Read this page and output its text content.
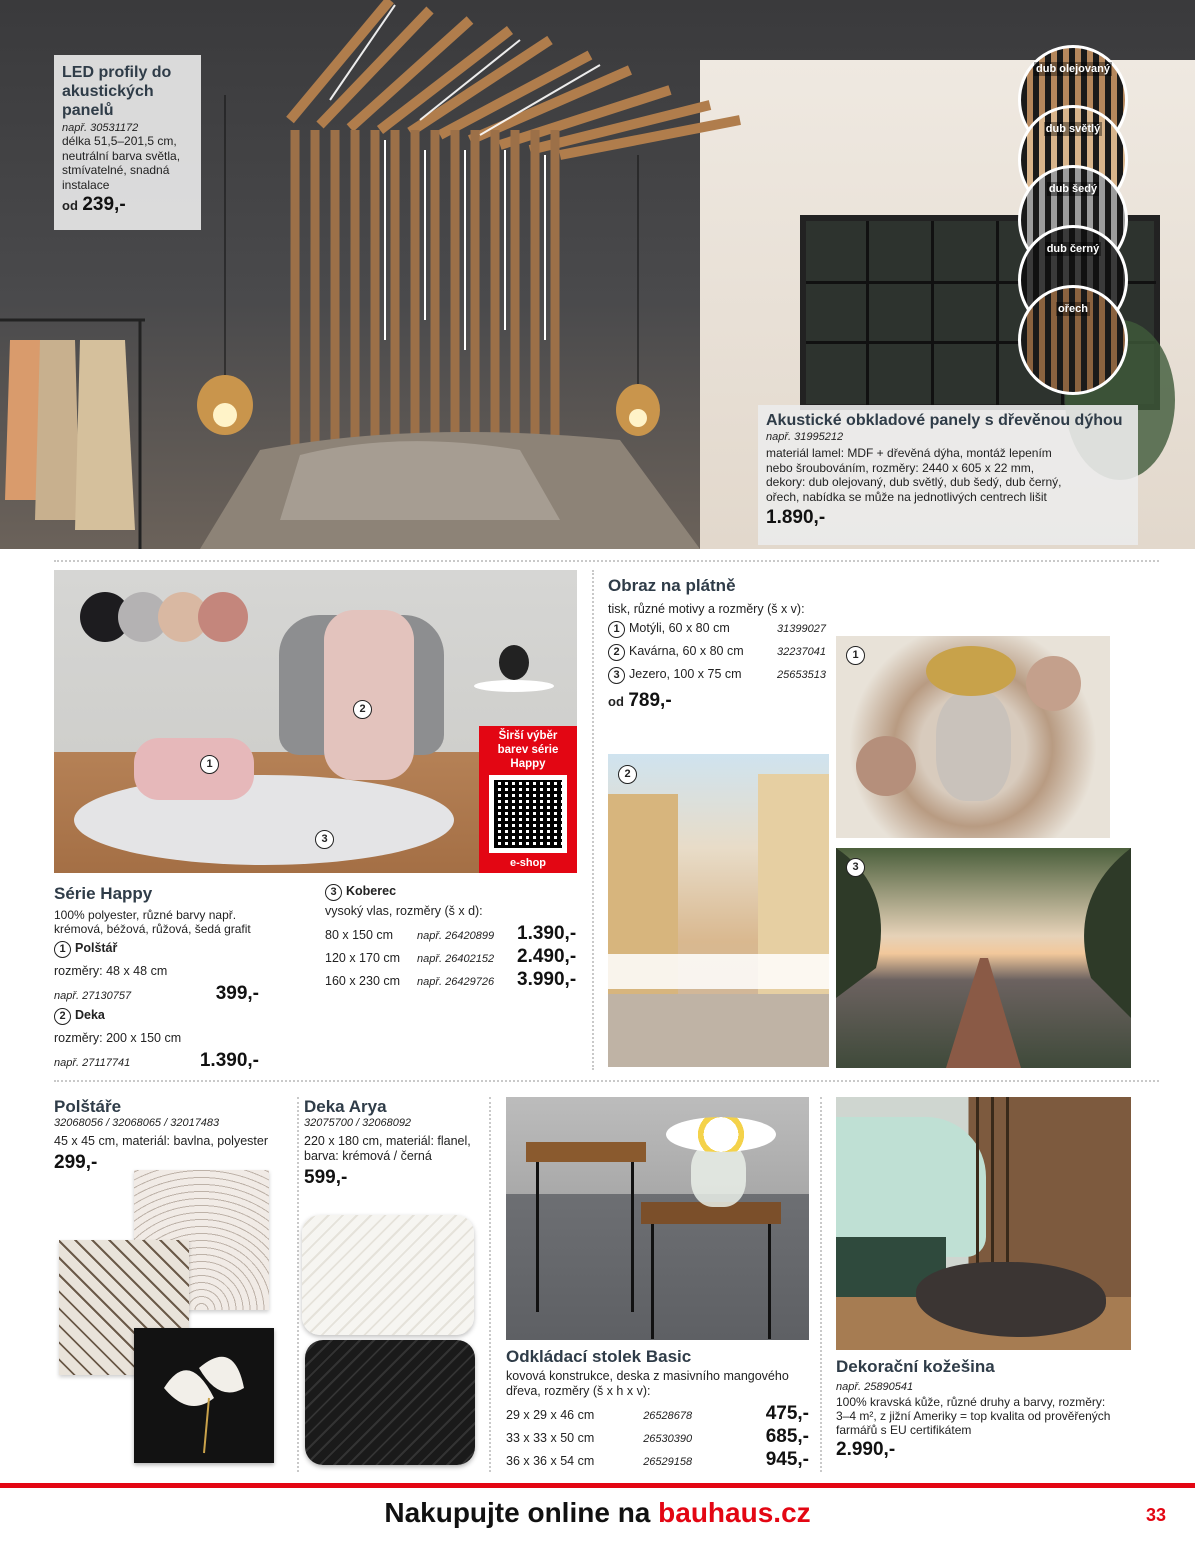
LED profily do akustických panelů
např. 30531172
délka 51,5–201,5 cm, neutrální barva světla, stmívatelné, snadná instalace
od 239,-
dub olejovaný
dub světlý
dub šedý
dub černý
ořech
Akustické obkladové panely s dřevěnou dýhou
např. 31995212
materiál lamel: MDF + dřevěná dýha, montáž lepením nebo šroubováním, rozměry: 2440 x 605 x 22 mm, dekory: dub olejovaný, dub světlý, dub šedý, dub černý, ořech, nabídka se může na jednotlivých centrech lišit
1.890,-
2
1
3
Širší výběr barev série Happy
e-shop
Série Happy
100% polyester, různé barvy např. krémová, béžová, růžová, šedá grafit
1 Polštář
rozměry: 48 x 48 cm
např. 27130757	399,-
2 Deka
rozměry: 200 x 150 cm
např. 27117741	1.390,-
3 Koberec
vysoký vlas, rozměry (š x d):
80 x 150 cm	např. 26420899	1.390,-
120 x 170 cm	např. 26402152	2.490,-
160 x 230 cm	např. 26429726	3.990,-
Obraz na plátně
tisk, různé motivy a rozměry (š x v):
1 Motýli, 60 x 80 cm	31399027
2 Kavárna, 60 x 80 cm	32237041
3 Jezero, 100 x 75 cm	25653513
od 789,-
1
2
3
Polštáře
32068056 / 32068065 / 32017483
45 x 45 cm, materiál: bavlna, polyester
299,-
Deka Arya
32075700 / 32068092
220 x 180 cm, materiál: flanel, barva: krémová / černá
599,-
Odkládací stolek Basic
kovová konstrukce, deska z masivního mangového dřeva, rozměry (š x h x v):
29 x 29 x 46 cm	26528678	475,-
33 x 33 x 50 cm	26530390	685,-
36 x 36 x 54 cm	26529158	945,-
Dekorační kožešina
např. 25890541
100% kravská kůže, různé druhy a barvy, rozměry: 3–4 m², z jižní Ameriky = top kvalita od prověřených farmářů s EU certifikátem
2.990,-
Nakupujte online na bauhaus.cz	33
